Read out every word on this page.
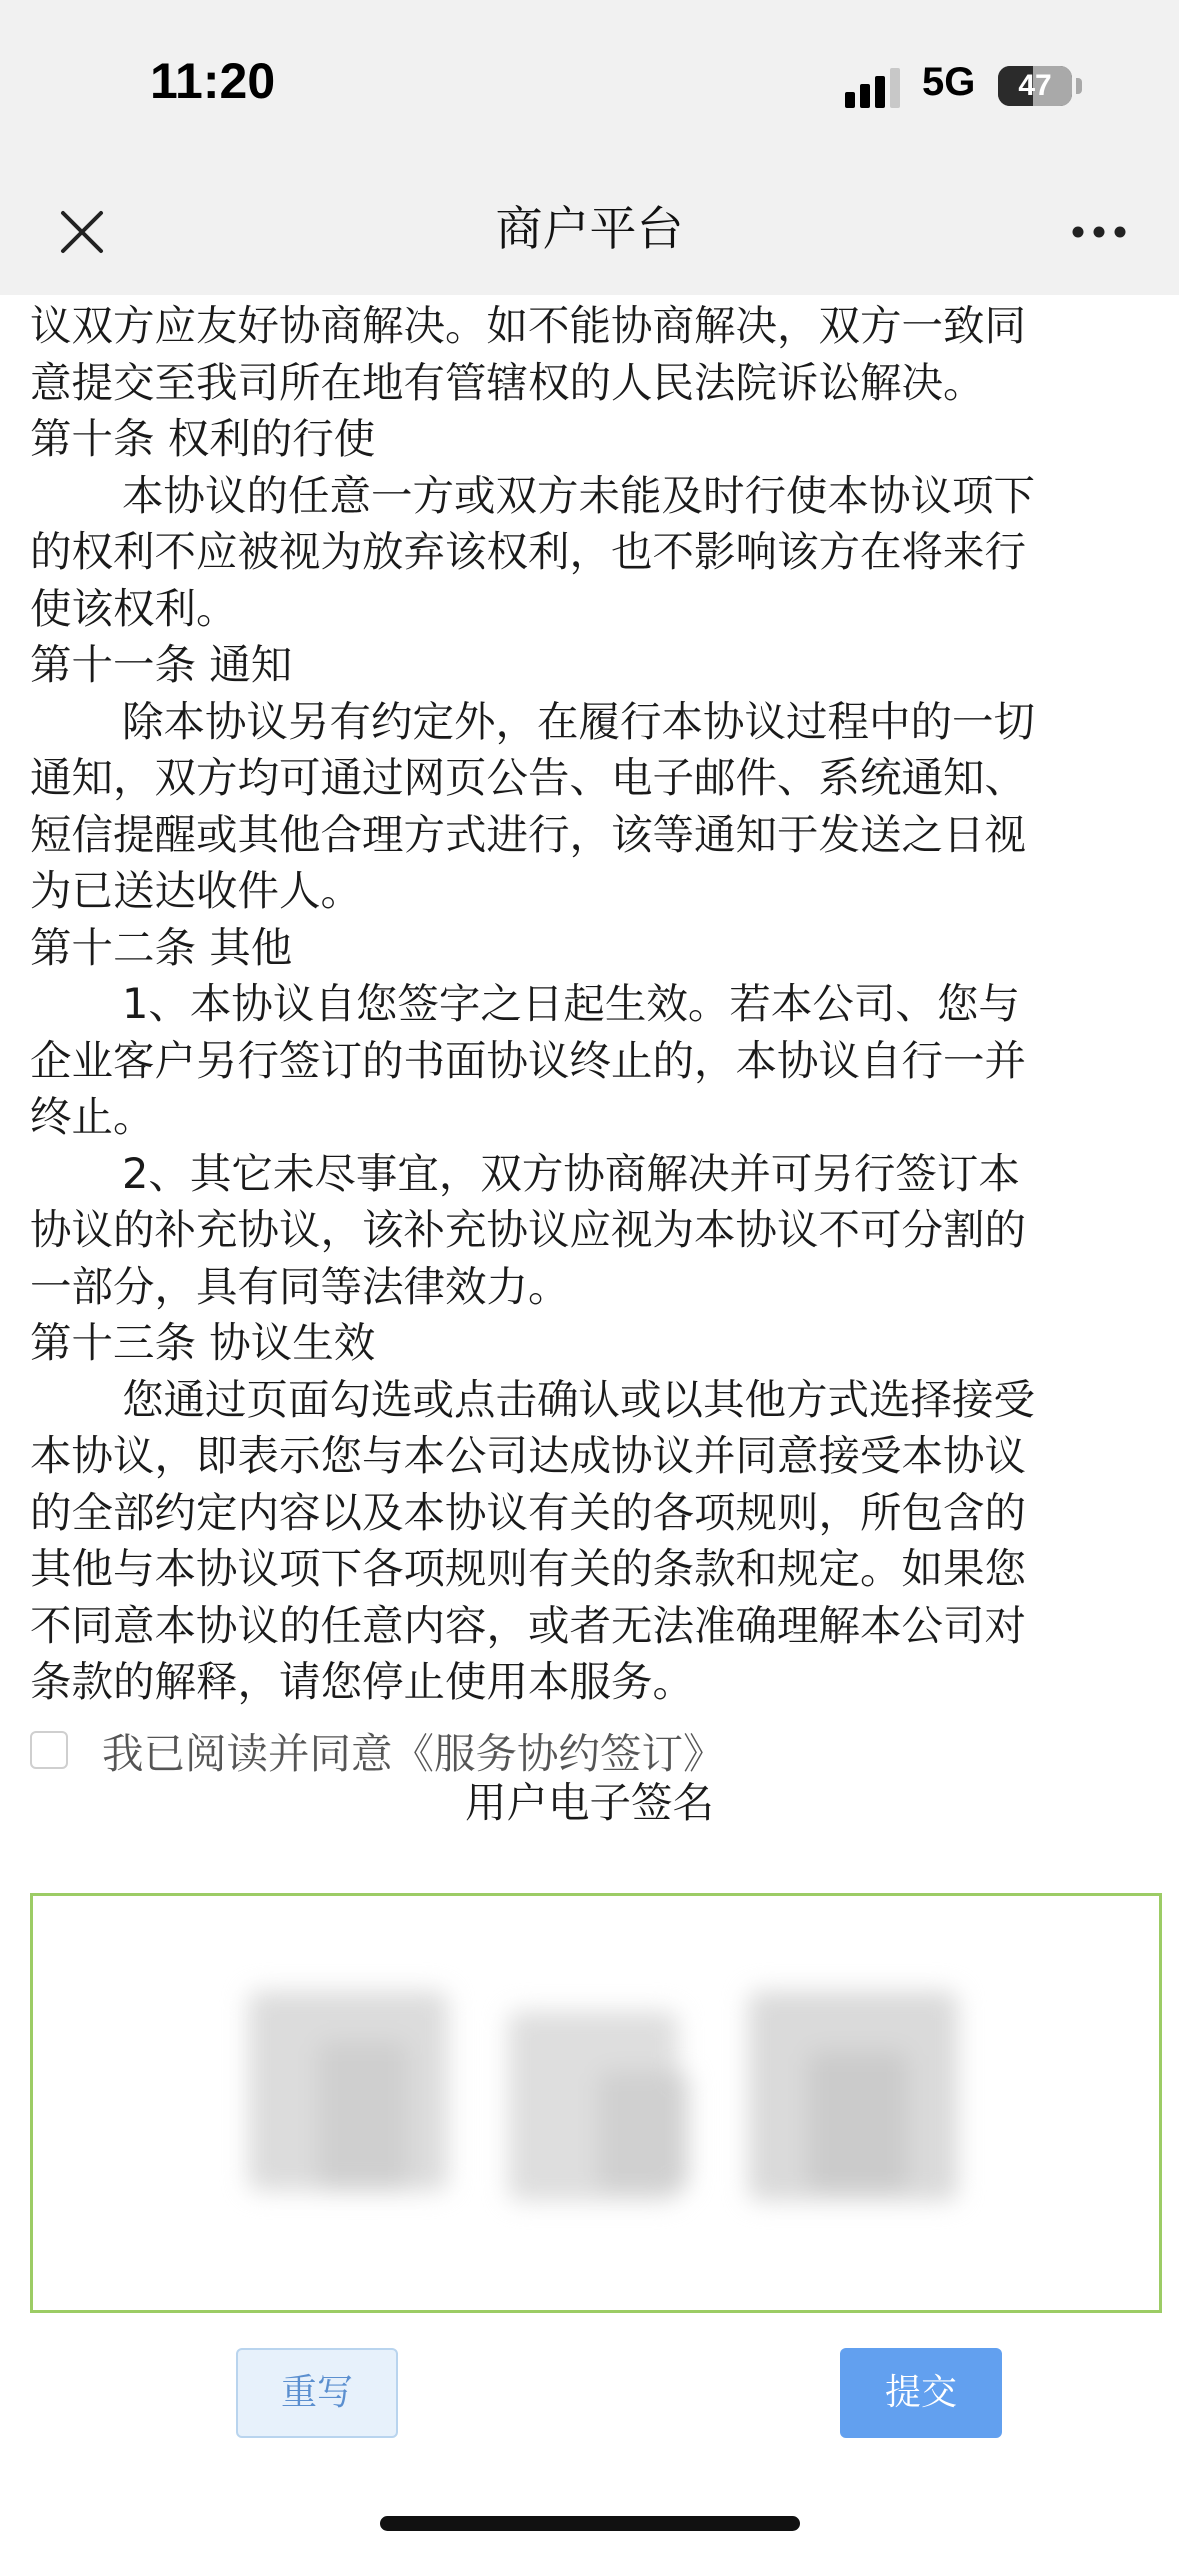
11:20	5G	47
商户平台
议双方应友好协商解决。如不能协商解决，双方一致同
意提交至我司所在地有管辖权的人民法院诉讼解决。
第十条 权利的行使
本协议的任意一方或双方未能及时行使本协议项下
的权利不应被视为放弃该权利，也不影响该方在将来行
使该权利。
第十一条 通知
除本协议另有约定外，在履行本协议过程中的一切
通知，双方均可通过网页公告、电子邮件、系统通知、
短信提醒或其他合理方式进行，该等通知于发送之日视
为已送达收件人。
第十二条 其他
1、本协议自您签字之日起生效。若本公司、您与
企业客户另行签订的书面协议终止的，本协议自行一并
终止。
2、其它未尽事宜，双方协商解决并可另行签订本
协议的补充协议，该补充协议应视为本协议不可分割的
一部分，具有同等法律效力。
第十三条 协议生效
您通过页面勾选或点击确认或以其他方式选择接受
本协议，即表示您与本公司达成协议并同意接受本协议
的全部约定内容以及本协议有关的各项规则，所包含的
其他与本协议项下各项规则有关的条款和规定。如果您
不同意本协议的任意内容，或者无法准确理解本公司对
条款的解释，请您停止使用本服务。
我已阅读并同意《服务协约签订》
用户电子签名
重写	提交
